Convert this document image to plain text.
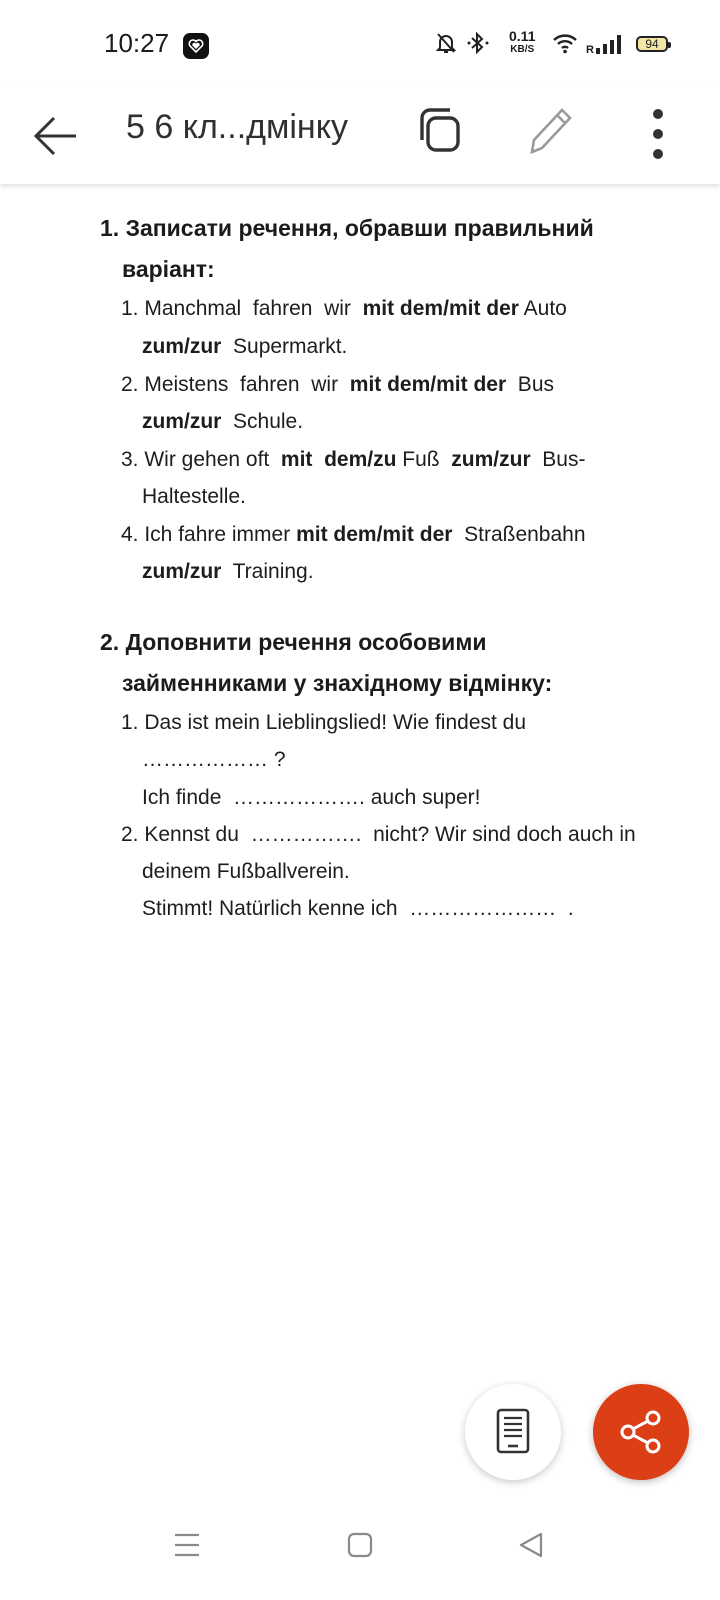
10:27	0.11
KB/S	R	94
5 6 кл...дмінку
1. Записати речення, обравши правильний
варіант:
1. Manchmal  fahren  wir  mit dem/mit der Auto
zum/zur  Supermarkt.
2. Meistens  fahren  wir  mit dem/mit der  Bus
zum/zur  Schule.
3. Wir gehen oft  mit  dem/zu Fuß  zum/zur  Bus-
Haltestelle.
4. Ich fahre immer mit dem/mit der  Straßenbahn
zum/zur  Training.
2. Доповнити речення особовими
займенниками у знахідному відмінку:
1. Das ist mein Lieblingslied! Wie findest du
……………… ?
Ich finde  ………………. auch super!
2. Kennst du  …………….  nicht? Wir sind doch auch in
deinem Fußballverein.
Stimmt! Natürlich kenne ich  …………………  .
